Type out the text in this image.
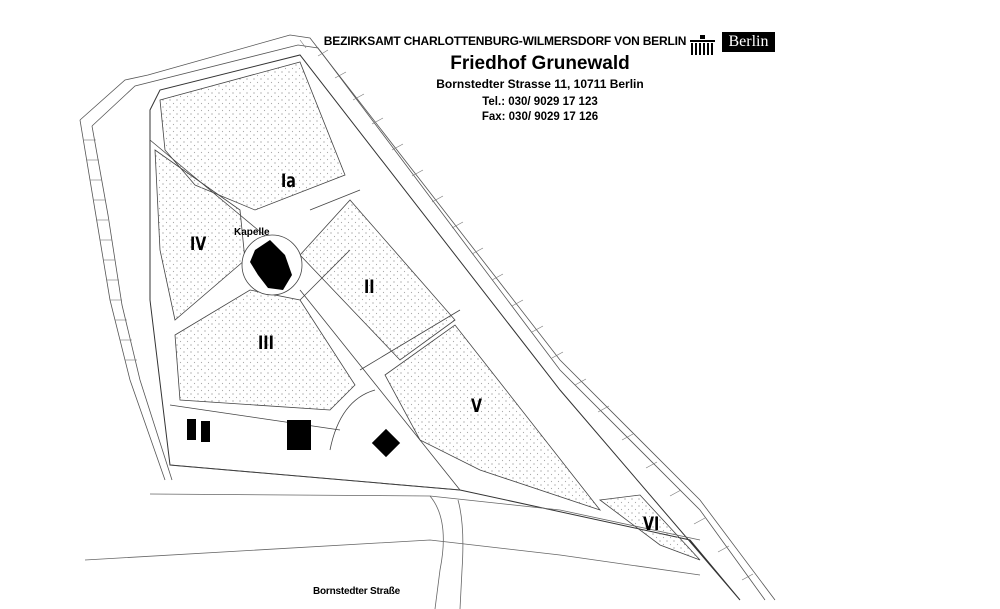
BEZIRKSAMT CHARLOTTENBURG-WILMERSDORF VON BERLIN
Friedhof Grunewald
Bornstedter Strasse 11, 10711 Berlin
Tel.: 030/ 9029 17 123
Fax: 030/ 9029 17 126
Berlin
Ia
II
III
IV
V
VI
Kapelle
Bornstedter Straße
